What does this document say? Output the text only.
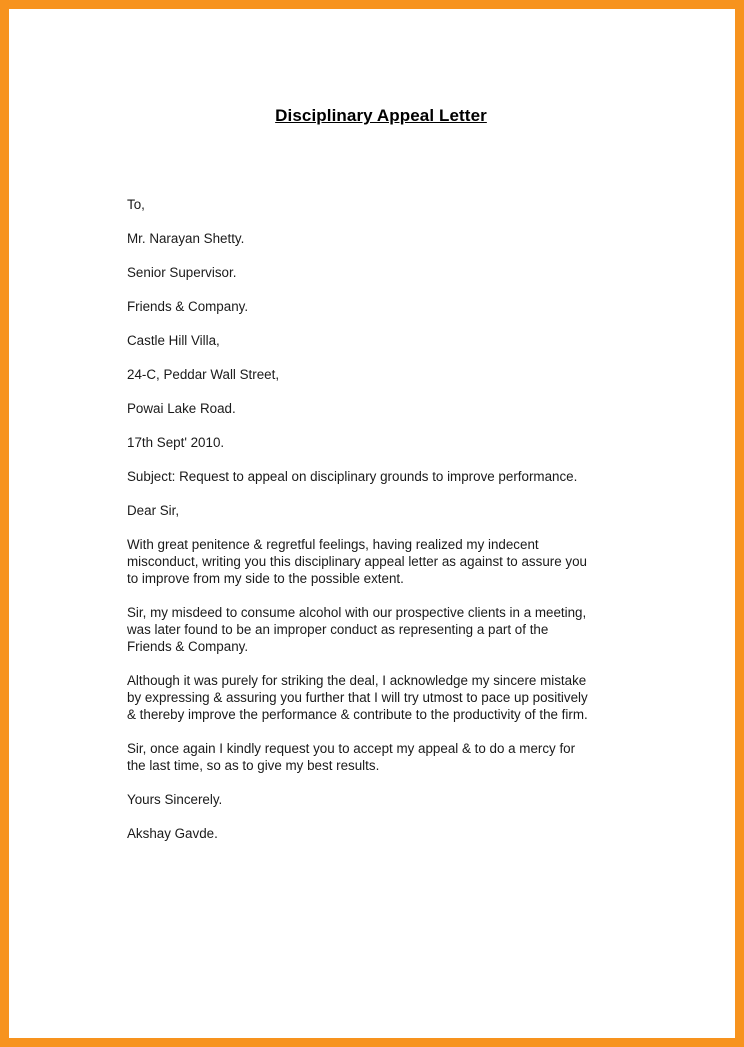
Disciplinary Appeal Letter

To,

Mr. Narayan Shetty.

Senior Supervisor.

Friends & Company.

Castle Hill Villa,

24-C, Peddar Wall Street,

Powai Lake Road.

17th Sept' 2010.

Subject: Request to appeal on disciplinary grounds to improve performance.

Dear Sir,

With great penitence & regretful feelings, having realized my indecent
misconduct, writing you this disciplinary appeal letter as against to assure you
to improve from my side to the possible extent.
Sir, my misdeed to consume alcohol with our prospective clients in a meeting,
was later found to be an improper conduct as representing a part of the
Friends & Company.
Although it was purely for striking the deal, I acknowledge my sincere mistake
by expressing & assuring you further that I will try utmost to pace up positively
& thereby improve the performance & contribute to the productivity of the firm.
Sir, once again I kindly request you to accept my appeal & to do a mercy for
the last time, so as to give my best results.

Yours Sincerely.

Akshay Gavde.
